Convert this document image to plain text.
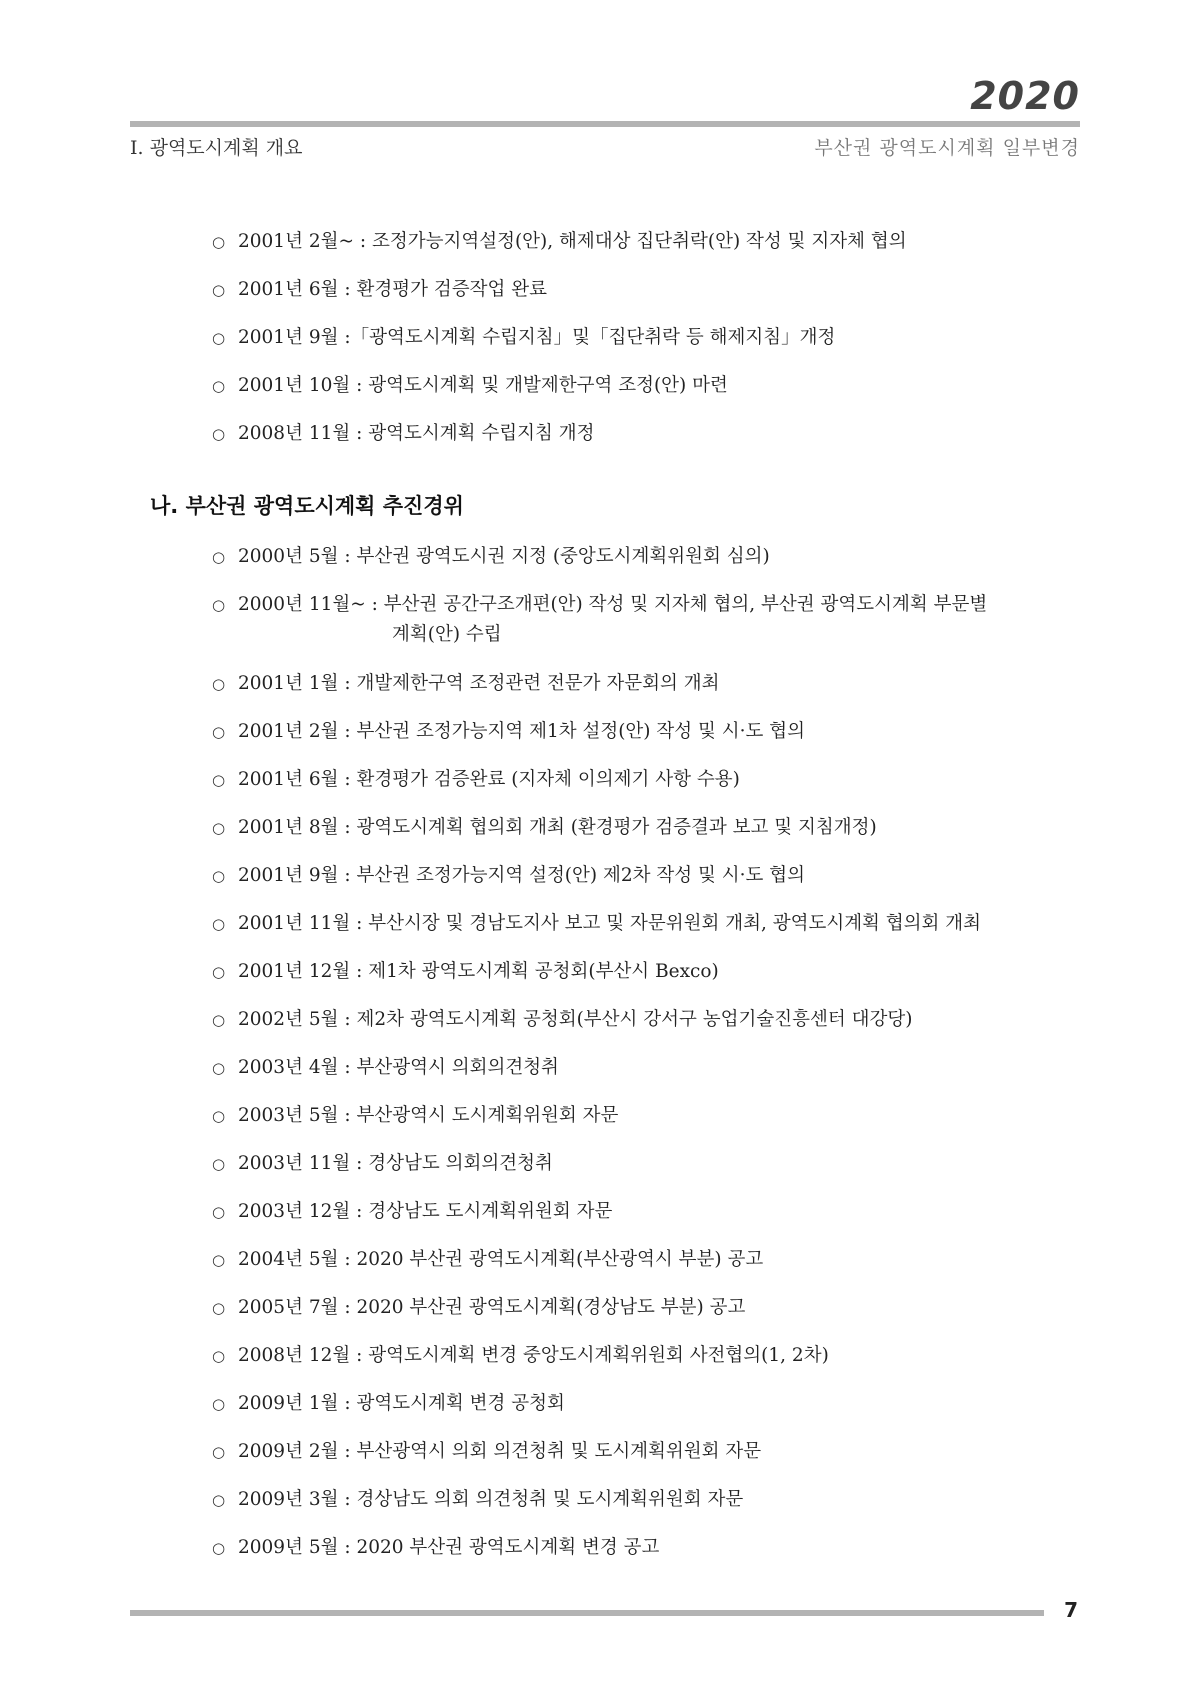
2020
Ⅰ. 광역도시계획 개요	부산권 광역도시계획 일부변경
○ 2001년 2월~ : 조정가능지역설정(안), 해제대상 집단취락(안) 작성 및 지자체 협의
○ 2001년 6월 : 환경평가 검증작업 완료
○ 2001년 9월 :「광역도시계획 수립지침」및「집단취락 등 해제지침」개정
○ 2001년 10월 : 광역도시계획 및 개발제한구역 조정(안) 마련
○ 2008년 11월 : 광역도시계획 수립지침 개정
나. 부산권 광역도시계획 추진경위
○ 2000년 5월 : 부산권 광역도시권 지정 (중앙도시계획위원회 심의)
○ 2000년 11월~ : 부산권 공간구조개편(안) 작성 및 지자체 협의, 부산권 광역도시계획 부문별
계획(안) 수립
○ 2001년 1월 : 개발제한구역 조정관련 전문가 자문회의 개최
○ 2001년 2월 : 부산권 조정가능지역 제1차 설정(안) 작성 및 시·도 협의
○ 2001년 6월 : 환경평가 검증완료 (지자체 이의제기 사항 수용)
○ 2001년 8월 : 광역도시계획 협의회 개최 (환경평가 검증결과 보고 및 지침개정)
○ 2001년 9월 : 부산권 조정가능지역 설정(안) 제2차 작성 및 시·도 협의
○ 2001년 11월 : 부산시장 및 경남도지사 보고 및 자문위원회 개최, 광역도시계획 협의회 개최
○ 2001년 12월 : 제1차 광역도시계획 공청회(부산시 Bexco)
○ 2002년 5월 : 제2차 광역도시계획 공청회(부산시 강서구 농업기술진흥센터 대강당)
○ 2003년 4월 : 부산광역시 의회의견청취
○ 2003년 5월 : 부산광역시 도시계획위원회 자문
○ 2003년 11월 : 경상남도 의회의견청취
○ 2003년 12월 : 경상남도 도시계획위원회 자문
○ 2004년 5월 : 2020 부산권 광역도시계획(부산광역시 부분) 공고
○ 2005년 7월 : 2020 부산권 광역도시계획(경상남도 부분) 공고
○ 2008년 12월 : 광역도시계획 변경 중앙도시계획위원회 사전협의(1, 2차)
○ 2009년 1월 : 광역도시계획 변경 공청회
○ 2009년 2월 : 부산광역시 의회 의견청취 및 도시계획위원회 자문
○ 2009년 3월 : 경상남도 의회 의견청취 및 도시계획위원회 자문
○ 2009년 5월 : 2020 부산권 광역도시계획 변경 공고
7
